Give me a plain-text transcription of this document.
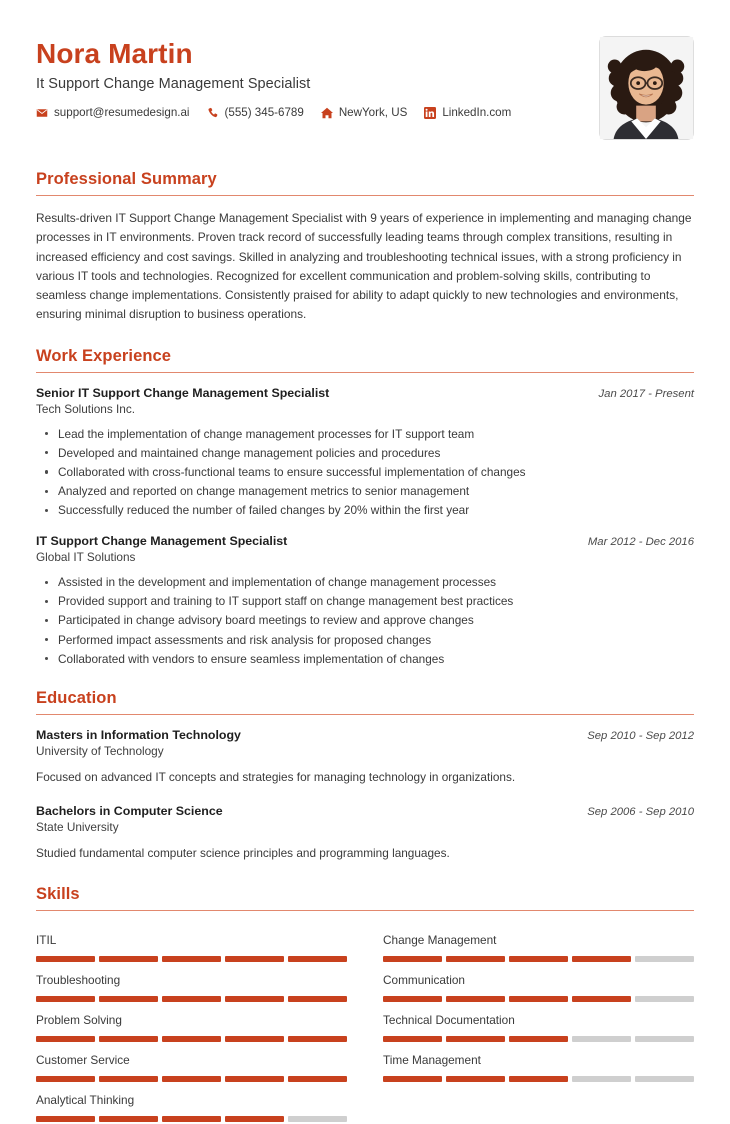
Nora Martin
It Support Change Management Specialist
support@resumedesign.ai	(555) 345-6789	NewYork, US	LinkedIn.com
Professional Summary
Results-driven IT Support Change Management Specialist with 9 years of experience in implementing and managing change processes in IT environments. Proven track record of successfully leading teams through complex transitions, resulting in increased efficiency and cost savings. Skilled in analyzing and troubleshooting technical issues, with a strong proficiency in various IT tools and technologies. Recognized for excellent communication and problem-solving skills, contributing to seamless change implementations. Consistently praised for ability to adapt quickly to new technologies and environments, ensuring minimal disruption to business operations.
Work Experience
Senior IT Support Change Management Specialist	Jan 2017 - Present
Tech Solutions Inc.
Lead the implementation of change management processes for IT support team
Developed and maintained change management policies and procedures
Collaborated with cross-functional teams to ensure successful implementation of changes
Analyzed and reported on change management metrics to senior management
Successfully reduced the number of failed changes by 20% within the first year
IT Support Change Management Specialist	Mar 2012 - Dec 2016
Global IT Solutions
Assisted in the development and implementation of change management processes
Provided support and training to IT support staff on change management best practices
Participated in change advisory board meetings to review and approve changes
Performed impact assessments and risk analysis for proposed changes
Collaborated with vendors to ensure seamless implementation of changes
Education
Masters in Information Technology	Sep 2010 - Sep 2012
University of Technology
Focused on advanced IT concepts and strategies for managing technology in organizations.
Bachelors in Computer Science	Sep 2006 - Sep 2010
State University
Studied fundamental computer science principles and programming languages.
Skills
ITIL	Change Management
Troubleshooting	Communication
Problem Solving	Technical Documentation
Customer Service	Time Management
Analytical Thinking
